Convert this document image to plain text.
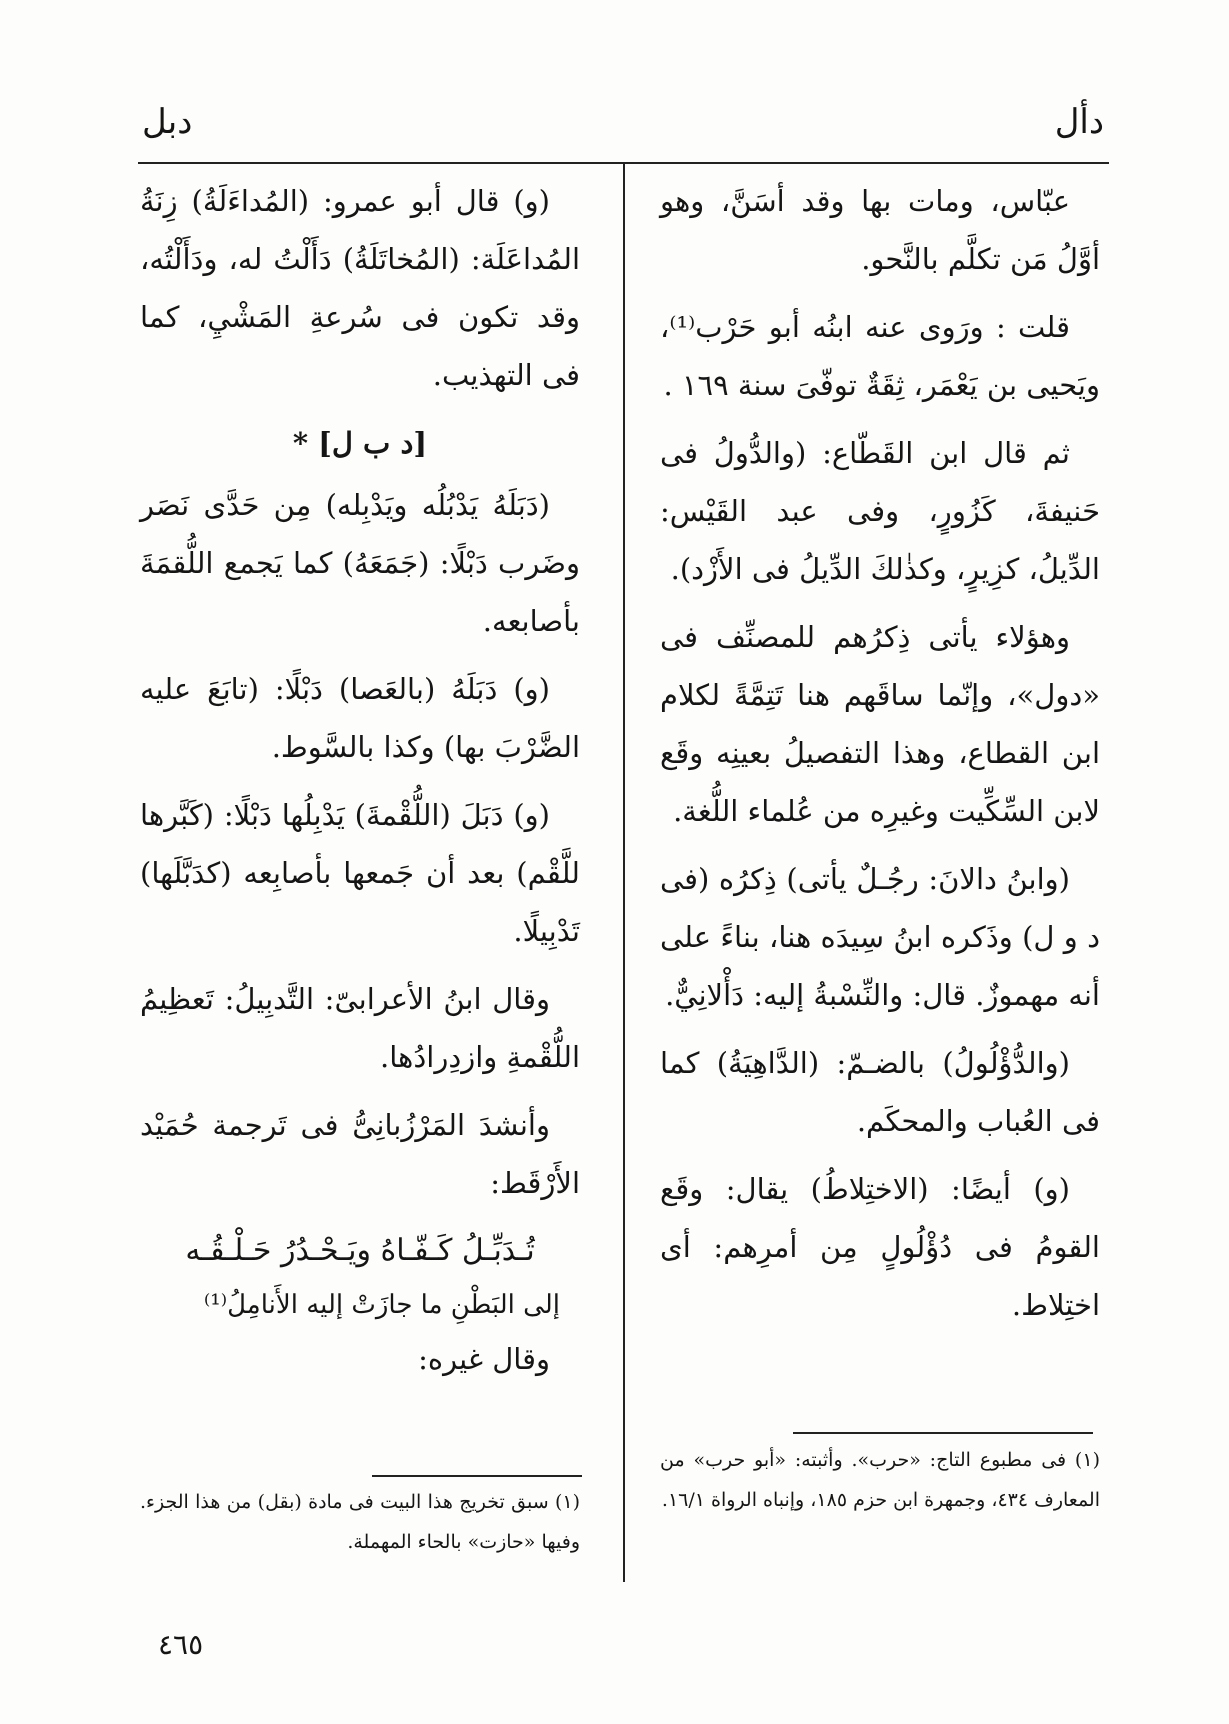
دبل	دأل

عبّاس، ومات بها وقد أسَنَّ، وهو أوَّلُ مَن تكلَّم بالنَّحو.

قلت : ورَوى عنه ابنُه أبو حَرْب⁽¹⁾، ويَحيى بن يَعْمَر، ثِقَةٌ توفّىَ سنة ١٦٩ .

ثم قال ابن القَطّاع: (والدُّولُ فى حَنيفةَ، كَزُورٍ، وفى عبد القَيْس: الدِّيلُ، كزِيرٍ، وكذٰلكَ الدِّيلُ فى الأَزْد).

وهؤلاء يأتى ذِكرُهم للمصنِّف فى «دول»، وإنّما ساقَهم هنا تَتِمَّةً لكلام ابن القطاع، وهذا التفصيلُ بعينِه وقَع لابن السِّكِّيت وغيرِه من عُلماء اللُّغة.

(وابنُ دالانَ: رجُـلٌ يأتى) ذِكرُه (فى د و ل) وذَكره ابنُ سِيدَه هنا، بناءً على أنه مهموزٌ. قال: والنِّسْبةُ إليه: دَأْلانِيٌّ.

(والدُّؤْلُولُ) بالضـمّ: (الدَّاهِيَةُ) كما فى العُباب والمحكَم.

(و) أيضًا: (الاختِلاطُ) يقال: وقَع القومُ فى دُؤْلُولٍ مِن أمرِهم: أى اختِلاط.

(و) قال أبو عمرو: (المُداءَلَةُ) زِنَةُ المُداعَلَة: (المُخاتَلَةُ) دَأَلْتُ له، ودَأَلْتُه، وقد تكون فى سُرعةِ المَشْيِ، كما فى التهذيب.

[د ب ل] *

(دَبَلَهُ يَدْبُلُه ويَدْبِله) مِن حَدَّى نَصَر وضَرب دَبْلًا: (جَمَعَهُ) كما يَجمع اللُّقمَةَ بأصابعه.

(و) دَبَلَهُ (بالعَصا) دَبْلًا: (تابَعَ عليه الضَّرْبَ بها) وكذا بالسَّوط.

(و) دَبَلَ (اللُّقْمةَ) يَدْبِلُها دَبْلًا: (كَبَّرها للَّقْم) بعد أن جَمعها بأصابِعه (كدَبَّلَها) تَدْبِيلًا.

وقال ابنُ الأعرابىّ: التَّدبِيلُ: تَعظِيمُ اللُّقْمةِ وازدِرادُها.

وأنشدَ المَرْزُبانِىُّ فى تَرجمة حُمَيْد الأَرْقَط:

تُـدَبِّـلُ كَـفّـاهُ ويَـحْـدُرُ حَـلْـقُـه
إلى البَطْنِ ما جازَتْ إليه الأَنامِلُ⁽¹⁾

وقال غيره:

(١) فى مطبوع التاج: «حرب». وأثبته: «أبو حرب» من المعارف ٤٣٤، وجمهرة ابن حزم ١٨٥، وإنباه الرواة ١٦/١.
(١) سبق تخريج هذا البيت فى مادة (بقل) من هذا الجزء. وفيها «حازت» بالحاء المهملة.
٤٦٥
